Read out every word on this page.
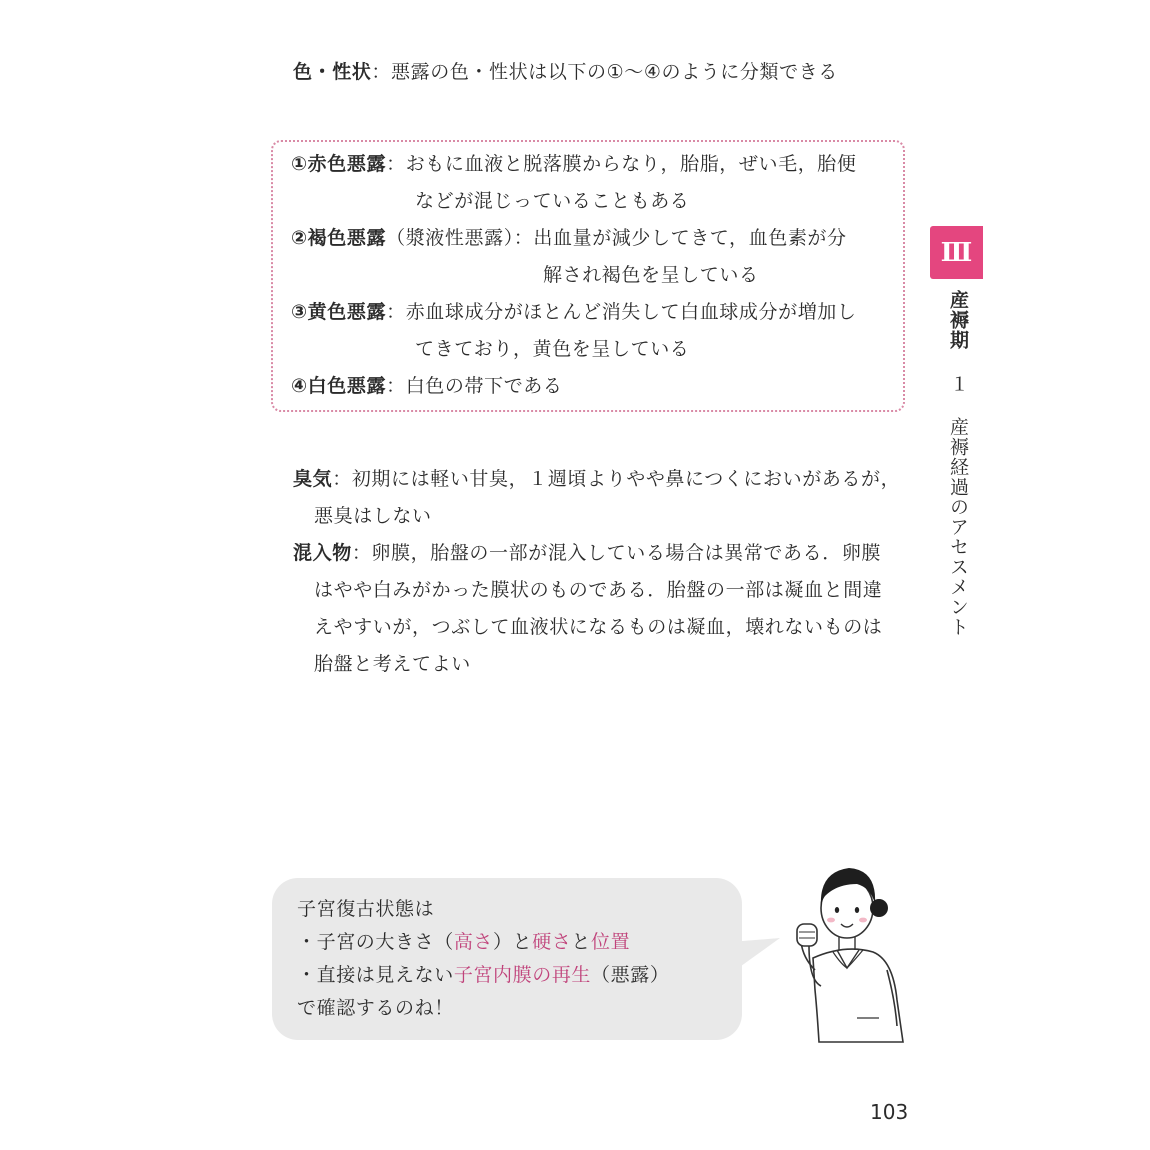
色・性状：悪露の色・性状は以下の①〜④のように分類できる
①赤色悪露：おもに血液と脱落膜からなり，胎脂，ぜい毛，胎便
などが混じっていることもある
②褐色悪露（漿液性悪露）：出血量が減少してきて，血色素が分
解され褐色を呈している
③黄色悪露：赤血球成分がほとんど消失して白血球成分が増加し
てきており，黄色を呈している
④白色悪露：白色の帯下である
臭気：初期には軽い甘臭，１週頃よりやや鼻につくにおいがあるが，
悪臭はしない
混入物：卵膜，胎盤の一部が混入している場合は異常である．卵膜
はやや白みがかった膜状のものである．胎盤の一部は凝血と間違
えやすいが，つぶして血液状になるものは凝血，壊れないものは
胎盤と考えてよい
Ⅲ
産褥期
１ 産褥経過のアセスメント
子宮復古状態は
・子宮の大きさ（高さ）と硬さと位置
・直接は見えない子宮内膜の再生（悪露）
で確認するのね！
103
